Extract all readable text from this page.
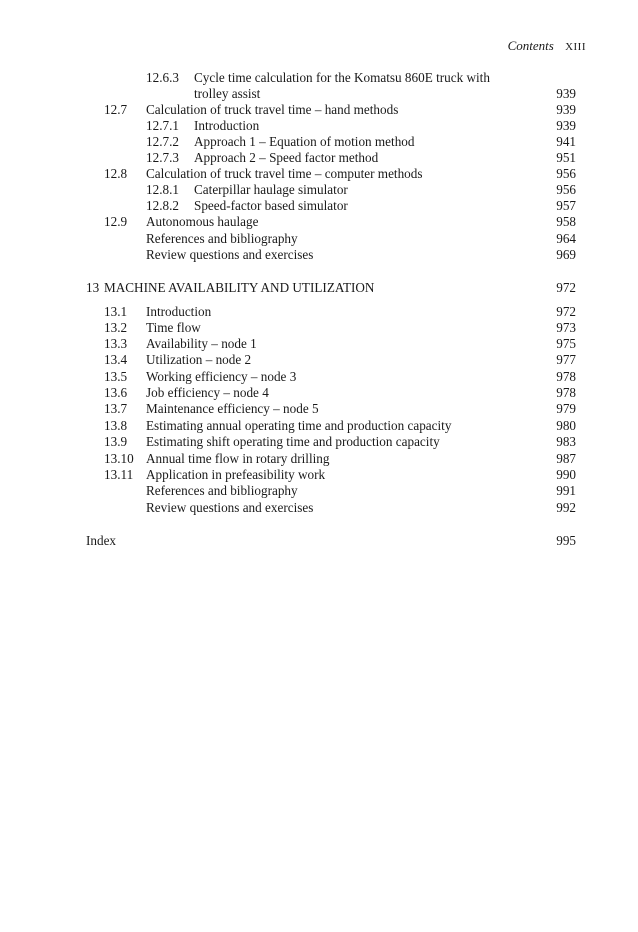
Contents XIII
12.6.3 Cycle time calculation for the Komatsu 860E truck with
trolley assist	939
12.7 Calculation of truck travel time – hand methods	939
12.7.1 Introduction	939
12.7.2 Approach 1 – Equation of motion method	941
12.7.3 Approach 2 – Speed factor method	951
12.8 Calculation of truck travel time – computer methods	956
12.8.1 Caterpillar haulage simulator	956
12.8.2 Speed-factor based simulator	957
12.9 Autonomous haulage	958
References and bibliography	964
Review questions and exercises	969
13 MACHINE AVAILABILITY AND UTILIZATION	972
13.1 Introduction	972
13.2 Time flow	973
13.3 Availability – node 1	975
13.4 Utilization – node 2	977
13.5 Working efficiency – node 3	978
13.6 Job efficiency – node 4	978
13.7 Maintenance efficiency – node 5	979
13.8 Estimating annual operating time and production capacity	980
13.9 Estimating shift operating time and production capacity	983
13.10 Annual time flow in rotary drilling	987
13.11 Application in prefeasibility work	990
References and bibliography	991
Review questions and exercises	992
Index	995
